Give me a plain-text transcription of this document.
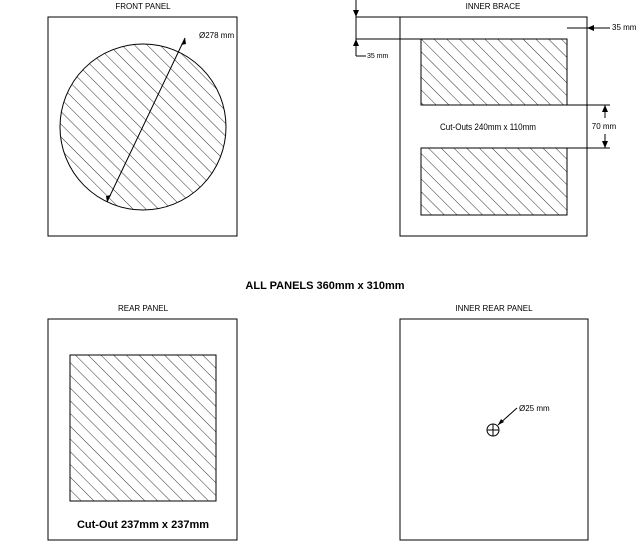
FRONT PANEL
Ø278 mm
INNER BRACE
35 mm
35 mm
70 mm
Cut-Outs 240mm x 110mm
ALL PANELS 360mm x 310mm
REAR PANEL
Cut-Out 237mm x 237mm
INNER REAR PANEL
Ø25 mm
